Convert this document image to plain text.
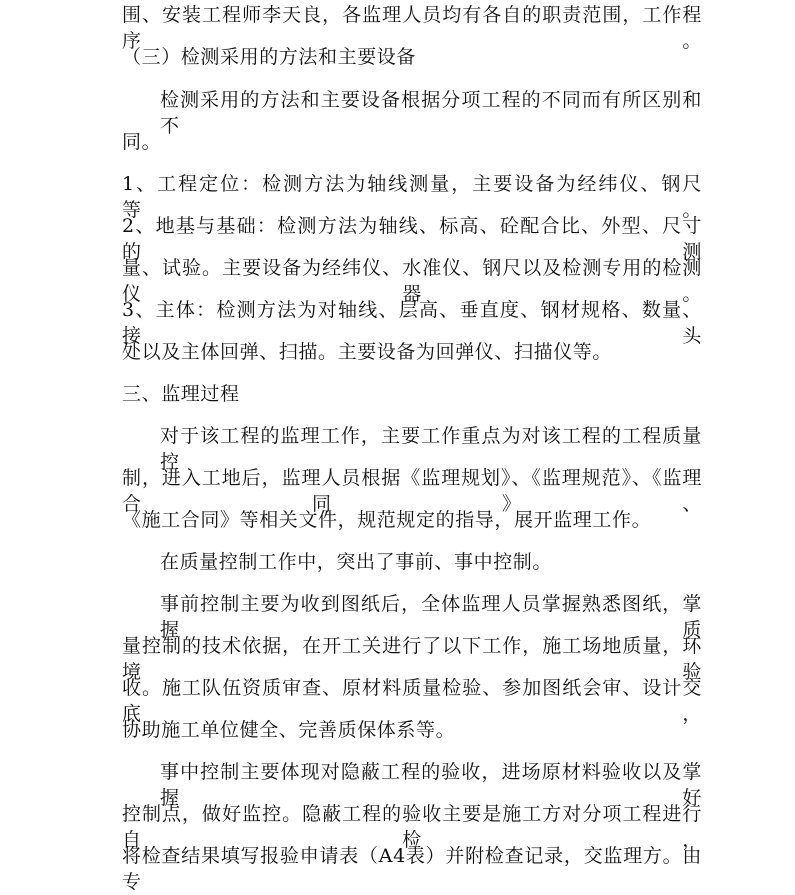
围、安装工程师李天良，各监理人员均有各自的职责范围，工作程序。
（三）检测采用的方法和主要设备
检测采用的方法和主要设备根据分项工程的不同而有所区别和不
同。
1、工程定位：检测方法为轴线测量，主要设备为经纬仪、钢尺等。
2、地基与基础：检测方法为轴线、标高、砼配合比、外型、尺寸的测
量、试验。主要设备为经纬仪、水准仪、钢尺以及检测专用的检测仪器。
3、主体：检测方法为对轴线、层高、垂直度、钢材规格、数量、接头
处以及主体回弹、扫描。主要设备为回弹仪、扫描仪等。
三、监理过程
对于该工程的监理工作，主要工作重点为对该工程的工程质量控
制，进入工地后，监理人员根据《监理规划》、《监理规范》、《监理合同》、
《施工合同》等相关文件，规范规定的指导，展开监理工作。
在质量控制工作中，突出了事前、事中控制。
事前控制主要为收到图纸后，全体监理人员掌握熟悉图纸，掌握质
量控制的技术依据，在开工关进行了以下工作，施工场地质量，环境验
收。施工队伍资质审查、原材料质量检验、参加图纸会审、设计交底，
协助施工单位健全、完善质保体系等。
事中控制主要体现对隐蔽工程的验收，进场原材料验收以及掌握好
控制点，做好监控。隐蔽工程的验收主要是施工方对分项工程进行自检，
将检查结果填写报验申请表（A4表）并附检查记录，交监理方。由专
